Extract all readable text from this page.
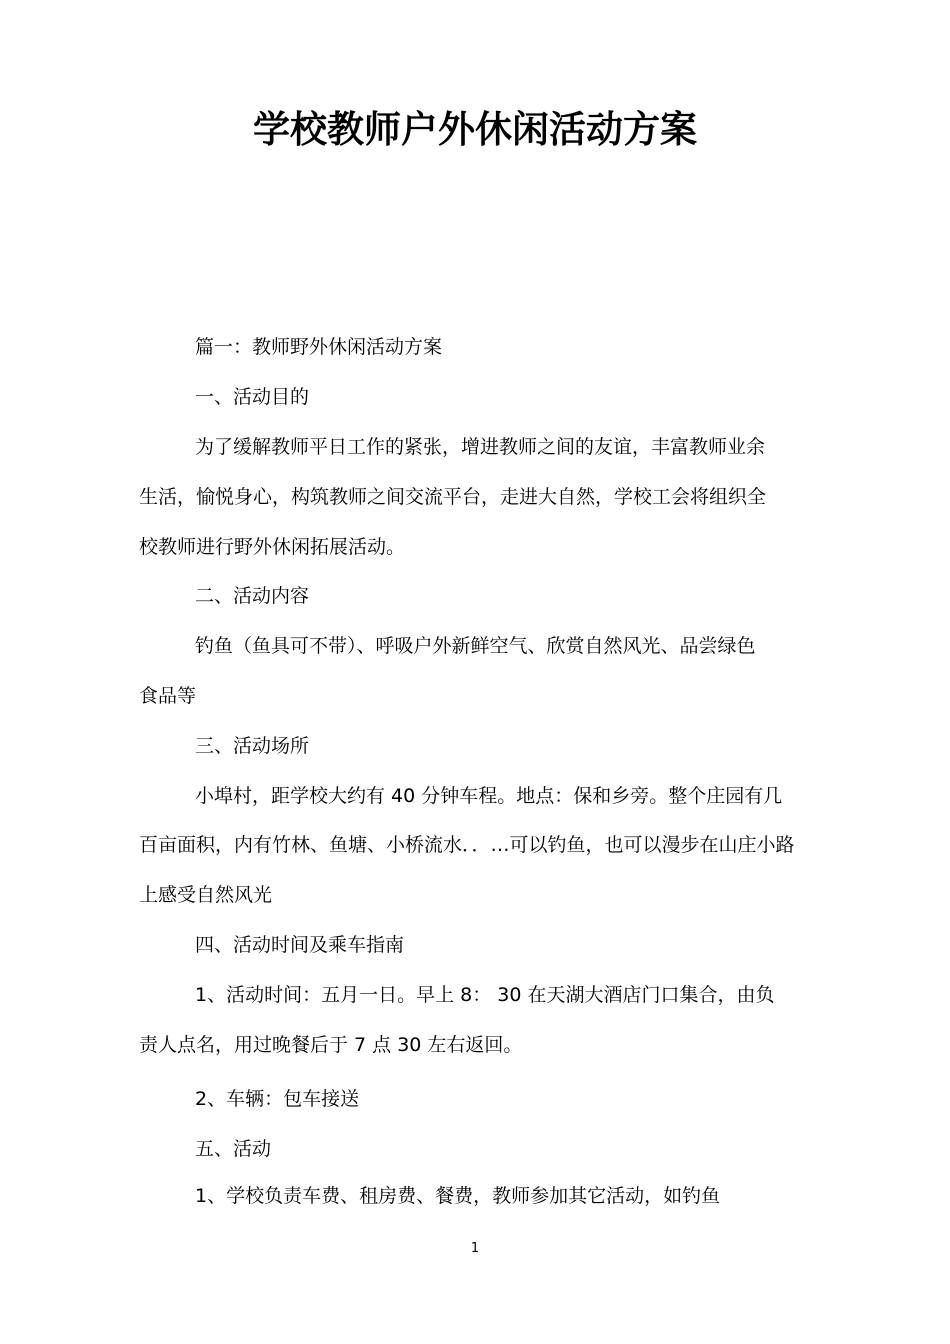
学校教师户外休闲活动方案
篇一：教师野外休闲活动方案
一、活动目的
为了缓解教师平日工作的紧张，增进教师之间的友谊，丰富教师业余
生活，愉悦身心，构筑教师之间交流平台，走进大自然，学校工会将组织全
校教师进行野外休闲拓展活动。
二、活动内容
钓鱼（鱼具可不带）、呼吸户外新鲜空气、欣赏自然风光、品尝绿色
食品等
三、活动场所
小埠村，距学校大约有 40 分钟车程。地点：保和乡旁。整个庄园有几
百亩面积，内有竹林、鱼塘、小桥流水．．…可以钓鱼，也可以漫步在山庄小路
上感受自然风光
四、活动时间及乘车指南
1、活动时间：五月一日。早上 8： 30 在天湖大酒店门口集合，由负
责人点名，用过晚餐后于 7 点 30 左右返回。
2、车辆：包车接送
五、活动
1、学校负责车费、租房费、餐费，教师参加其它活动，如钓鱼
1
